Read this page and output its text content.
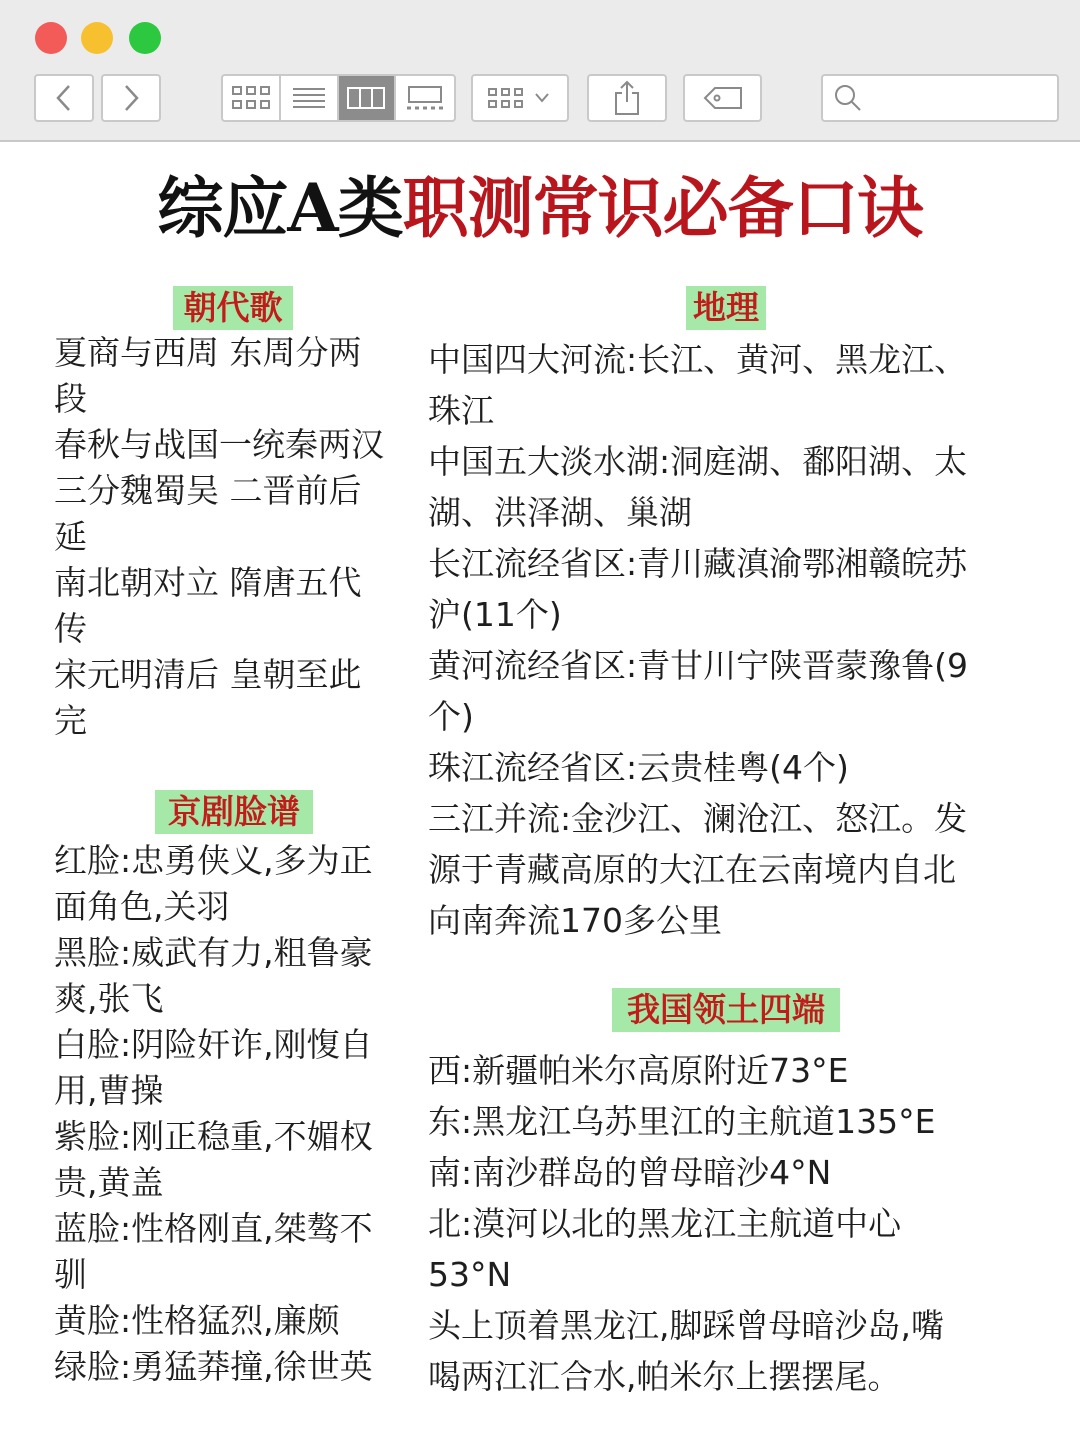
综应A类职测常识必备口诀
朝代歌
夏商与西周 东周分两
段
春秋与战国一统秦两汉
三分魏蜀吴 二晋前后
延
南北朝对立 隋唐五代
传
宋元明清后 皇朝至此
完
京剧脸谱
红脸:忠勇侠义,多为正
面角色,关羽
黑脸:威武有力,粗鲁豪
爽,张飞
白脸:阴险奸诈,刚愎自
用,曹操
紫脸:刚正稳重,不媚权
贵,黄盖
蓝脸:性格刚直,桀骜不
驯
黄脸:性格猛烈,廉颇
绿脸:勇猛莽撞,徐世英
地理
中国四大河流:长江、黄河、黑龙江、
珠江
中国五大淡水湖:洞庭湖、鄱阳湖、太
湖、洪泽湖、巢湖
长江流经省区:青川藏滇渝鄂湘赣皖苏
沪(11个)
黄河流经省区:青甘川宁陕晋蒙豫鲁(9
个)
珠江流经省区:云贵桂粤(4个)
三江并流:金沙江、澜沧江、怒江。发
源于青藏高原的大江在云南境内自北
向南奔流170多公里
我国领土四端
西:新疆帕米尔高原附近73°E
东:黑龙江乌苏里江的主航道135°E
南:南沙群岛的曾母暗沙4°N
北:漠河以北的黑龙江主航道中心
53°N
头上顶着黑龙江,脚踩曾母暗沙岛,嘴
喝两江汇合水,帕米尔上摆摆尾。
